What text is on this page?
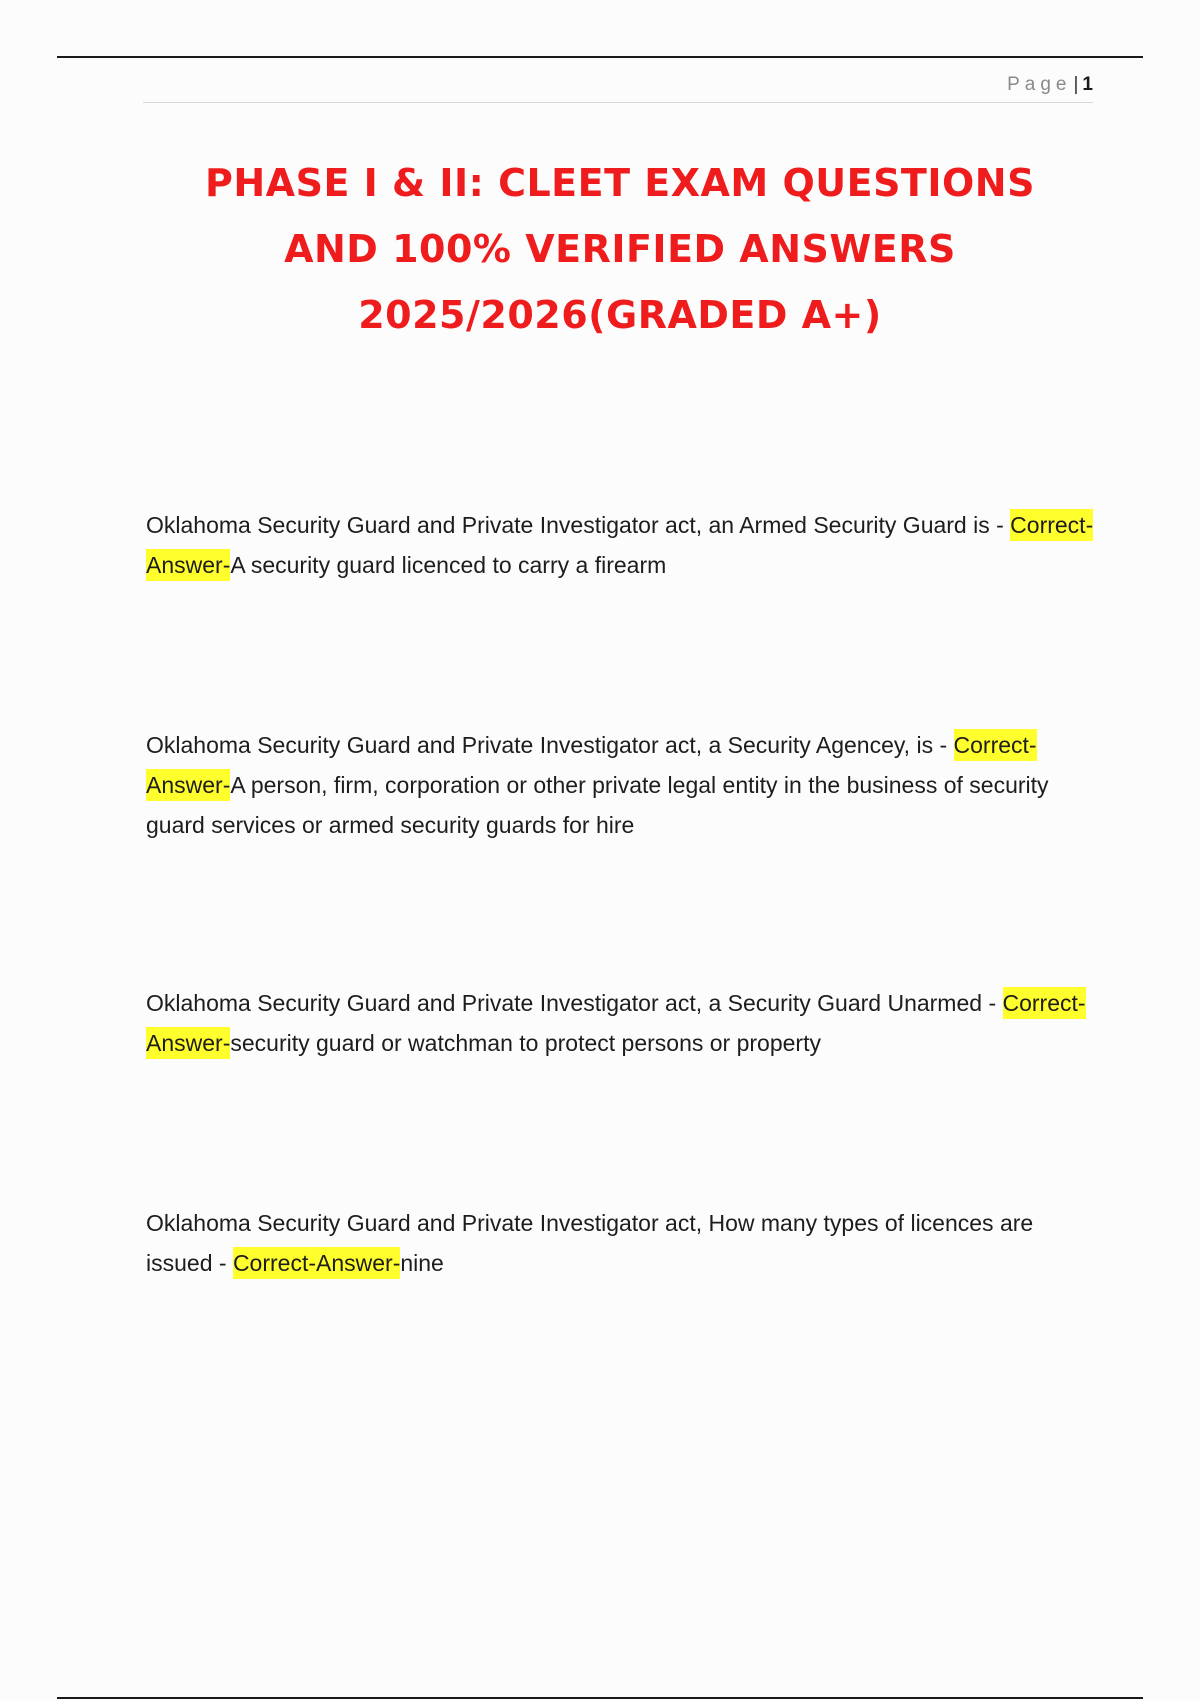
Page | 1
PHASE I & II: CLEET EXAM QUESTIONS
AND 100% VERIFIED ANSWERS
2025/2026(GRADED A+)
Oklahoma Security Guard and Private Investigator act, an Armed Security Guard is - Correct-Answer-A security guard licenced to carry a firearm
Oklahoma Security Guard and Private Investigator act, a Security Agencey, is - Correct-Answer-A person, firm, corporation or other private legal entity in the business of security guard services or armed security guards for hire
Oklahoma Security Guard and Private Investigator act, a Security Guard Unarmed - Correct-Answer-security guard or watchman to protect persons or property
Oklahoma Security Guard and Private Investigator act, How many types of licences are issued - Correct-Answer-nine
